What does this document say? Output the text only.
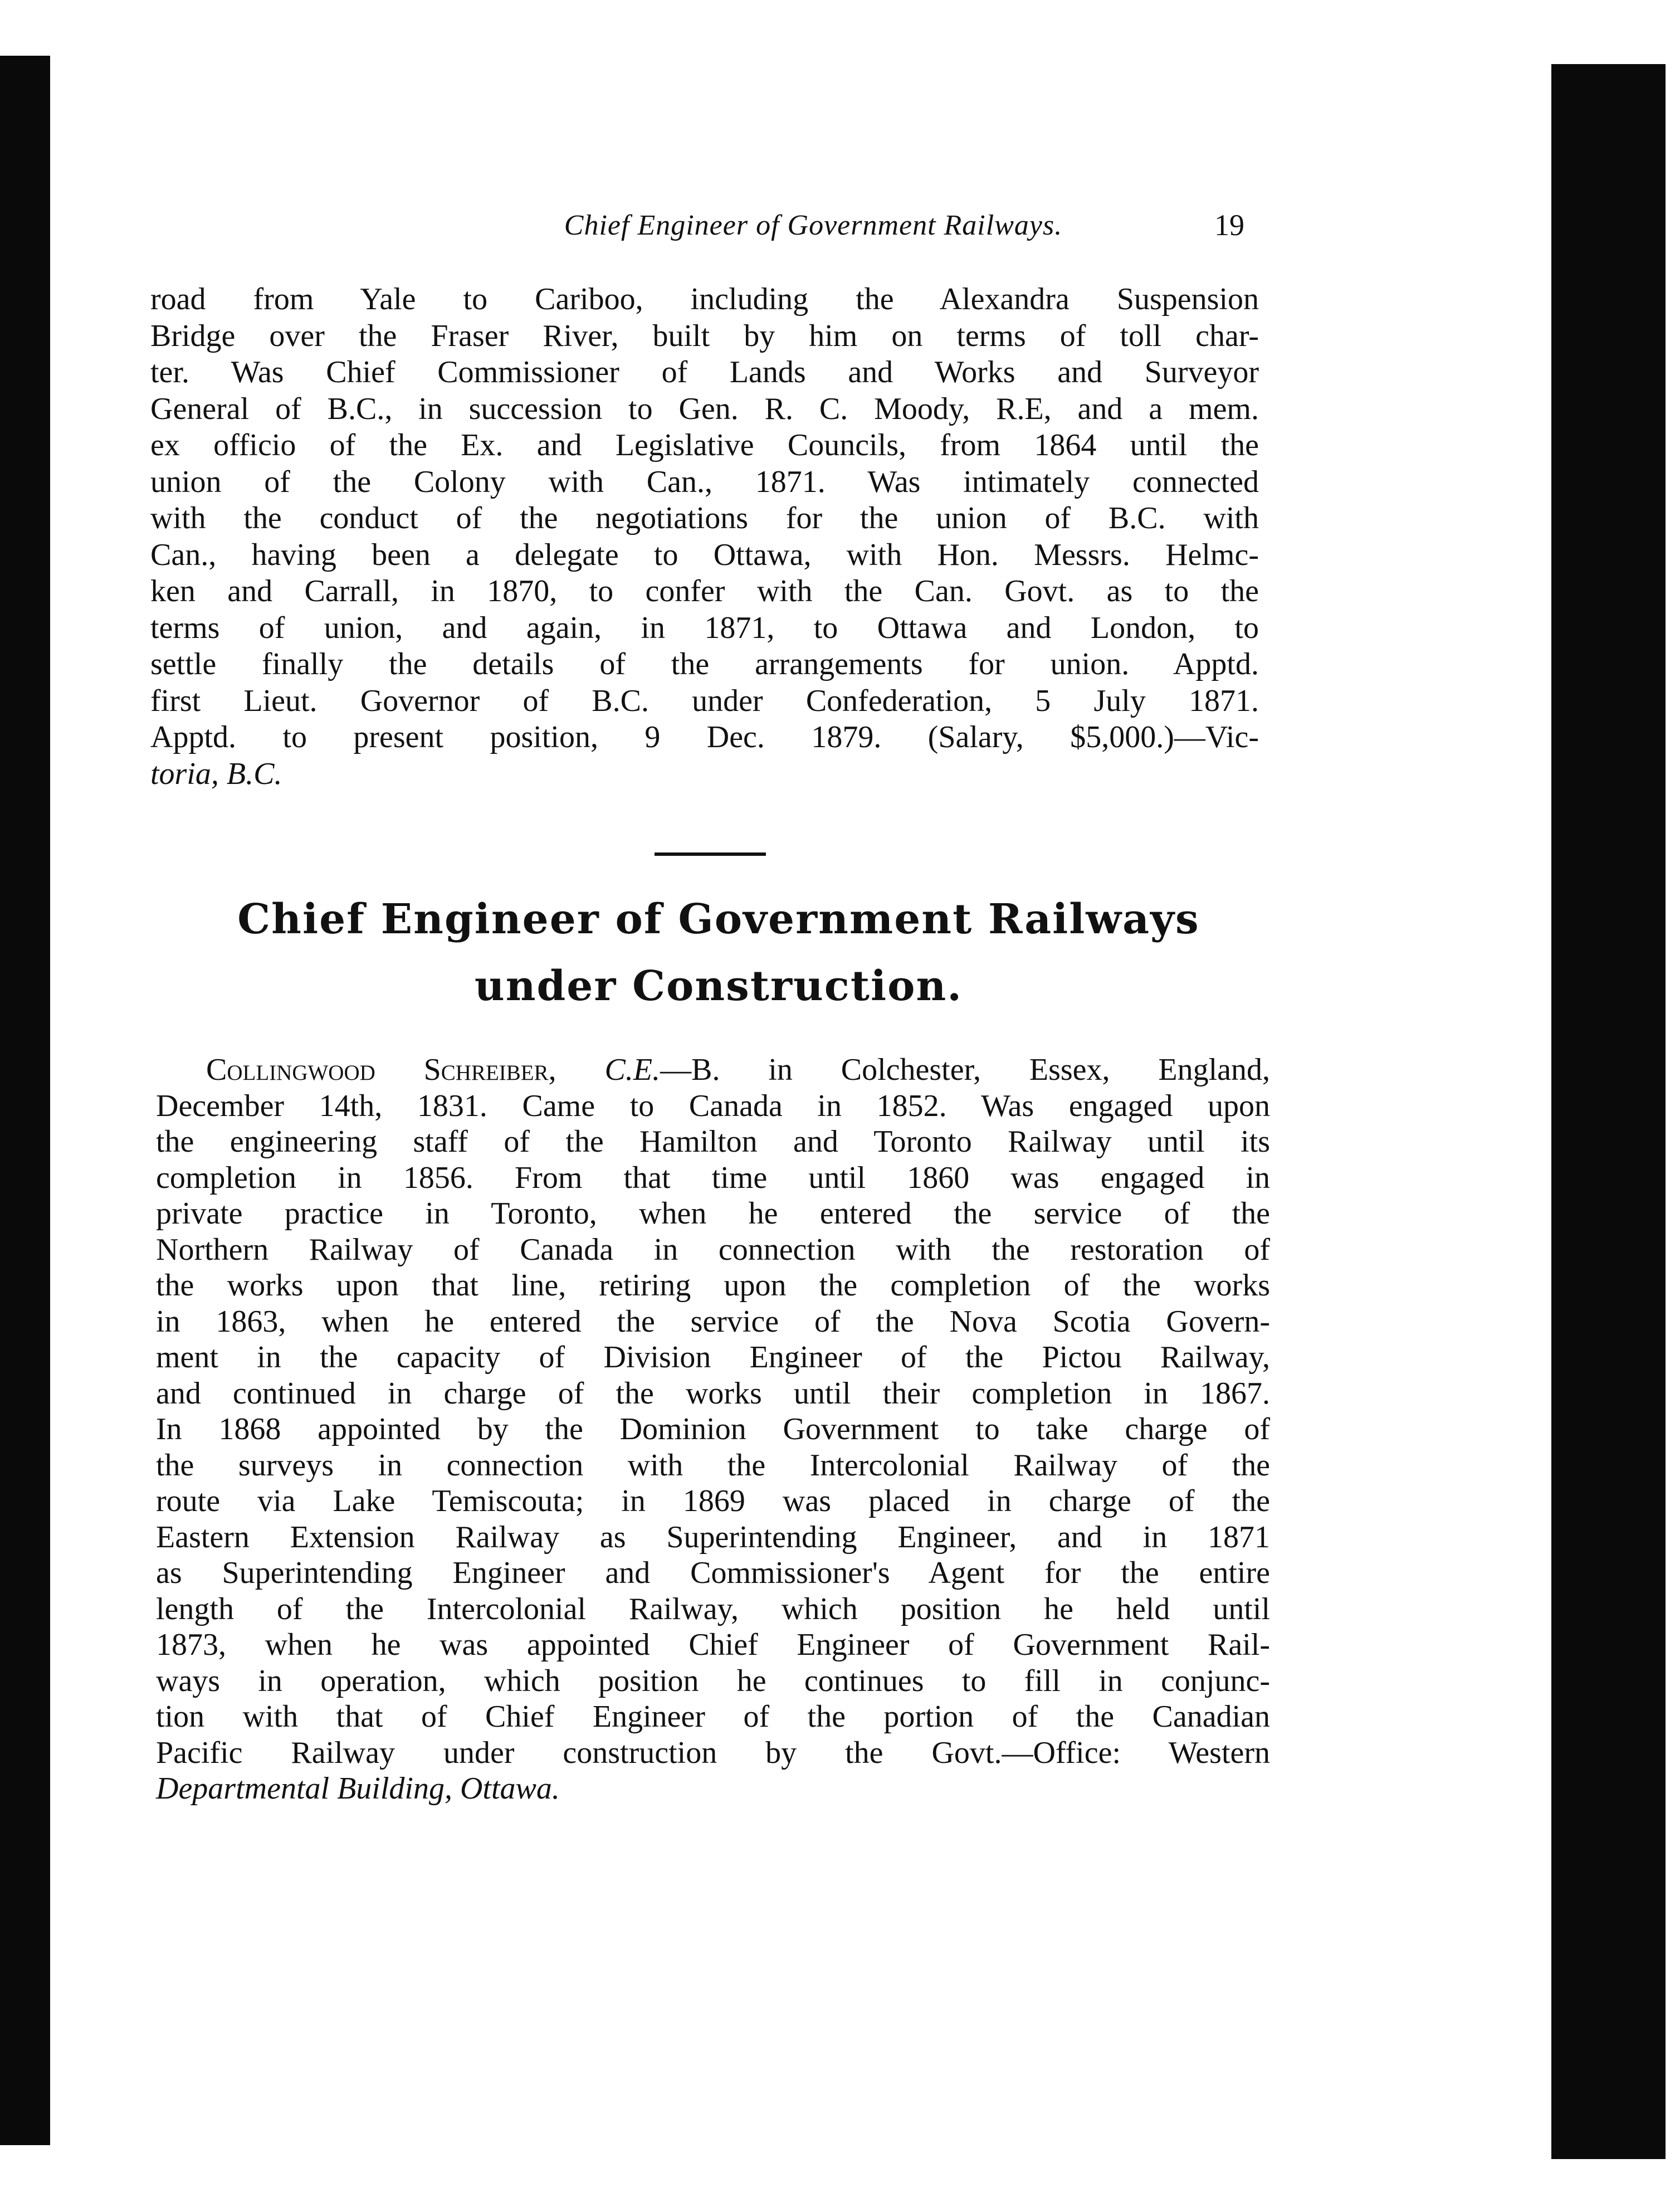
Chief Engineer of Government Railways.	19
road from Yale to Cariboo, including the Alexandra Suspension
Bridge over the Fraser River, built by him on terms of toll char-
ter. Was Chief Commissioner of Lands and Works and Surveyor
General of B.C., in succession to Gen. R. C. Moody, R.E, and a mem.
ex officio of the Ex. and Legislative Councils, from 1864 until the
union of the Colony with Can., 1871. Was intimately connected
with the conduct of the negotiations for the union of B.C. with
Can., having been a delegate to Ottawa, with Hon. Messrs. Helmc-
ken and Carrall, in 1870, to confer with the Can. Govt. as to the
terms of union, and again, in 1871, to Ottawa and London, to
settle finally the details of the arrangements for union. Apptd.
first Lieut. Governor of B.C. under Confederation, 5 July 1871.
Apptd. to present position, 9 Dec. 1879. (Salary, $5,000.)—Vic-
toria, B.C.
Chief Engineer of Government Railways
under Construction.
Collingwood Schreiber, C.E.—B. in Colchester, Essex, England,
December 14th, 1831. Came to Canada in 1852. Was engaged upon
the engineering staff of the Hamilton and Toronto Railway until its
completion in 1856. From that time until 1860 was engaged in
private practice in Toronto, when he entered the service of the
Northern Railway of Canada in connection with the restoration of
the works upon that line, retiring upon the completion of the works
in 1863, when he entered the service of the Nova Scotia Govern-
ment in the capacity of Division Engineer of the Pictou Railway,
and continued in charge of the works until their completion in 1867.
In 1868 appointed by the Dominion Government to take charge of
the surveys in connection with the Intercolonial Railway of the
route via Lake Temiscouta; in 1869 was placed in charge of the
Eastern Extension Railway as Superintending Engineer, and in 1871
as Superintending Engineer and Commissioner's Agent for the entire
length of the Intercolonial Railway, which position he held until
1873, when he was appointed Chief Engineer of Government Rail-
ways in operation, which position he continues to fill in conjunc-
tion with that of Chief Engineer of the portion of the Canadian
Pacific Railway under construction by the Govt.—Office: Western
Departmental Building, Ottawa.
